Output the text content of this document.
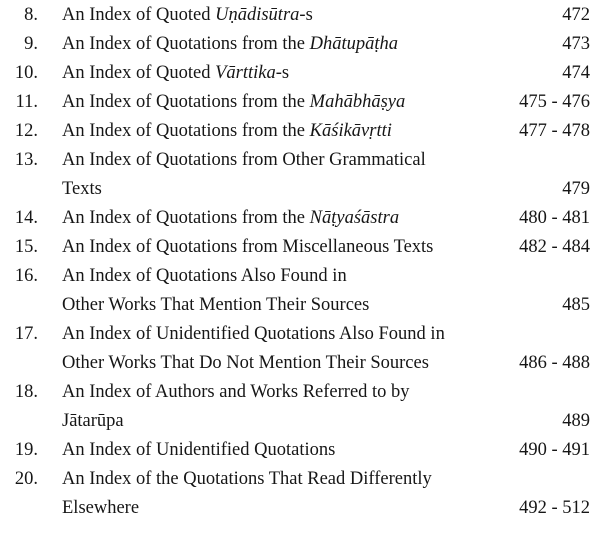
8. An Index of Quoted Uṇādisūtra-s	472
9. An Index of Quotations from the Dhātupāṭha	473
10. An Index of Quoted Vārttika-s	474
11. An Index of Quotations from the Mahābhāṣya	475 - 476
12. An Index of Quotations from the Kāśikāvṛtti	477 - 478
13. An Index of Quotations from Other Grammatical
Texts	479
14. An Index of Quotations from the Nāṭyaśāstra	480 - 481
15. An Index of Quotations from Miscellaneous Texts	482 - 484
16. An Index of Quotations Also Found in
Other Works That Mention Their Sources	485
17. An Index of Unidentified Quotations Also Found in
Other Works That Do Not Mention Their Sources	486 - 488
18. An Index of Authors and Works Referred to by
Jātarūpa	489
19. An Index of Unidentified Quotations	490 - 491
20. An Index of the Quotations That Read Differently
Elsewhere	492 - 512
